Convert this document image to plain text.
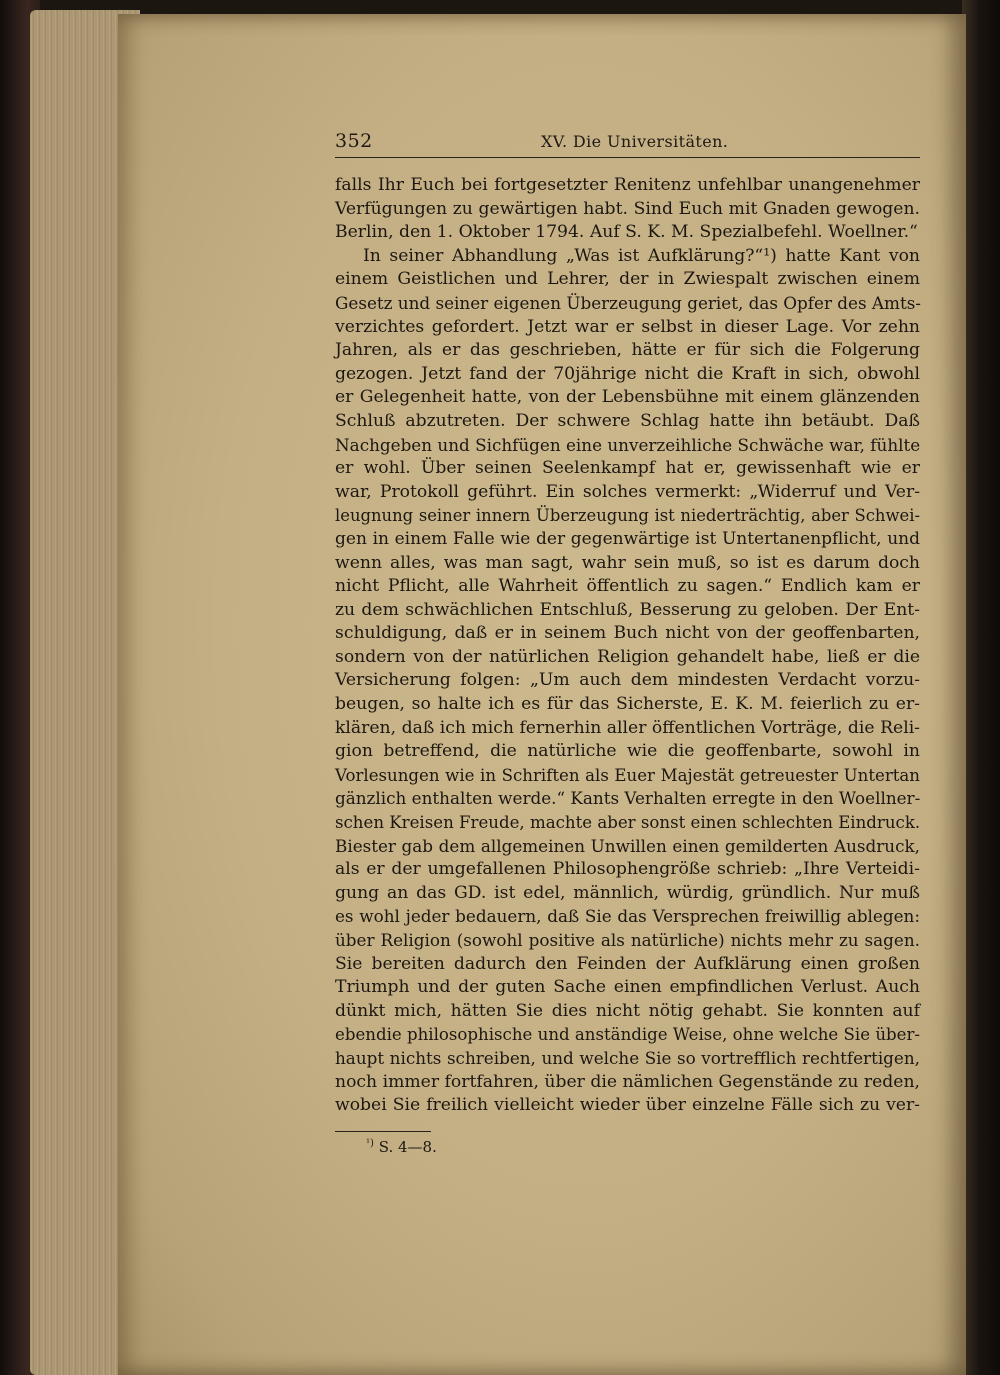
352	XV. Die Universitäten.
falls Ihr Euch bei fortgesetzter Renitenz unfehlbar unangenehmer
Verfügungen zu gewärtigen habt. Sind Euch mit Gnaden gewogen.
Berlin, den 1. Oktober 1794. Auf S. K. M. Spezialbefehl. Woellner.“
In seiner Abhandlung „Was ist Aufklärung?“¹) hatte Kant von
einem Geistlichen und Lehrer, der in Zwiespalt zwischen einem
Gesetz und seiner eigenen Überzeugung geriet, das Opfer des Amts-
verzichtes gefordert. Jetzt war er selbst in dieser Lage. Vor zehn
Jahren, als er das geschrieben, hätte er für sich die Folgerung
gezogen. Jetzt fand der 70jährige nicht die Kraft in sich, obwohl
er Gelegenheit hatte, von der Lebensbühne mit einem glänzenden
Schluß abzutreten. Der schwere Schlag hatte ihn betäubt. Daß
Nachgeben und Sichfügen eine unverzeihliche Schwäche war, fühlte
er wohl. Über seinen Seelenkampf hat er, gewissenhaft wie er
war, Protokoll geführt. Ein solches vermerkt: „Widerruf und Ver-
leugnung seiner innern Überzeugung ist niederträchtig, aber Schwei-
gen in einem Falle wie der gegenwärtige ist Untertanenpflicht, und
wenn alles, was man sagt, wahr sein muß, so ist es darum doch
nicht Pflicht, alle Wahrheit öffentlich zu sagen.“ Endlich kam er
zu dem schwächlichen Entschluß, Besserung zu geloben. Der Ent-
schuldigung, daß er in seinem Buch nicht von der geoffenbarten,
sondern von der natürlichen Religion gehandelt habe, ließ er die
Versicherung folgen: „Um auch dem mindesten Verdacht vorzu-
beugen, so halte ich es für das Sicherste, E. K. M. feierlich zu er-
klären, daß ich mich fernerhin aller öffentlichen Vorträge, die Reli-
gion betreffend, die natürliche wie die geoffenbarte, sowohl in
Vorlesungen wie in Schriften als Euer Majestät getreuester Untertan
gänzlich enthalten werde.“ Kants Verhalten erregte in den Woellner-
schen Kreisen Freude, machte aber sonst einen schlechten Eindruck.
Biester gab dem allgemeinen Unwillen einen gemilderten Ausdruck,
als er der umgefallenen Philosophengröße schrieb: „Ihre Verteidi-
gung an das GD. ist edel, männlich, würdig, gründlich. Nur muß
es wohl jeder bedauern, daß Sie das Versprechen freiwillig ablegen:
über Religion (sowohl positive als natürliche) nichts mehr zu sagen.
Sie bereiten dadurch den Feinden der Aufklärung einen großen
Triumph und der guten Sache einen empfindlichen Verlust. Auch
dünkt mich, hätten Sie dies nicht nötig gehabt. Sie konnten auf
ebendie philosophische und anständige Weise, ohne welche Sie über-
haupt nichts schreiben, und welche Sie so vortrefflich rechtfertigen,
noch immer fortfahren, über die nämlichen Gegenstände zu reden,
wobei Sie freilich vielleicht wieder über einzelne Fälle sich zu ver-
$^{^1)}$ S. 4—8.
